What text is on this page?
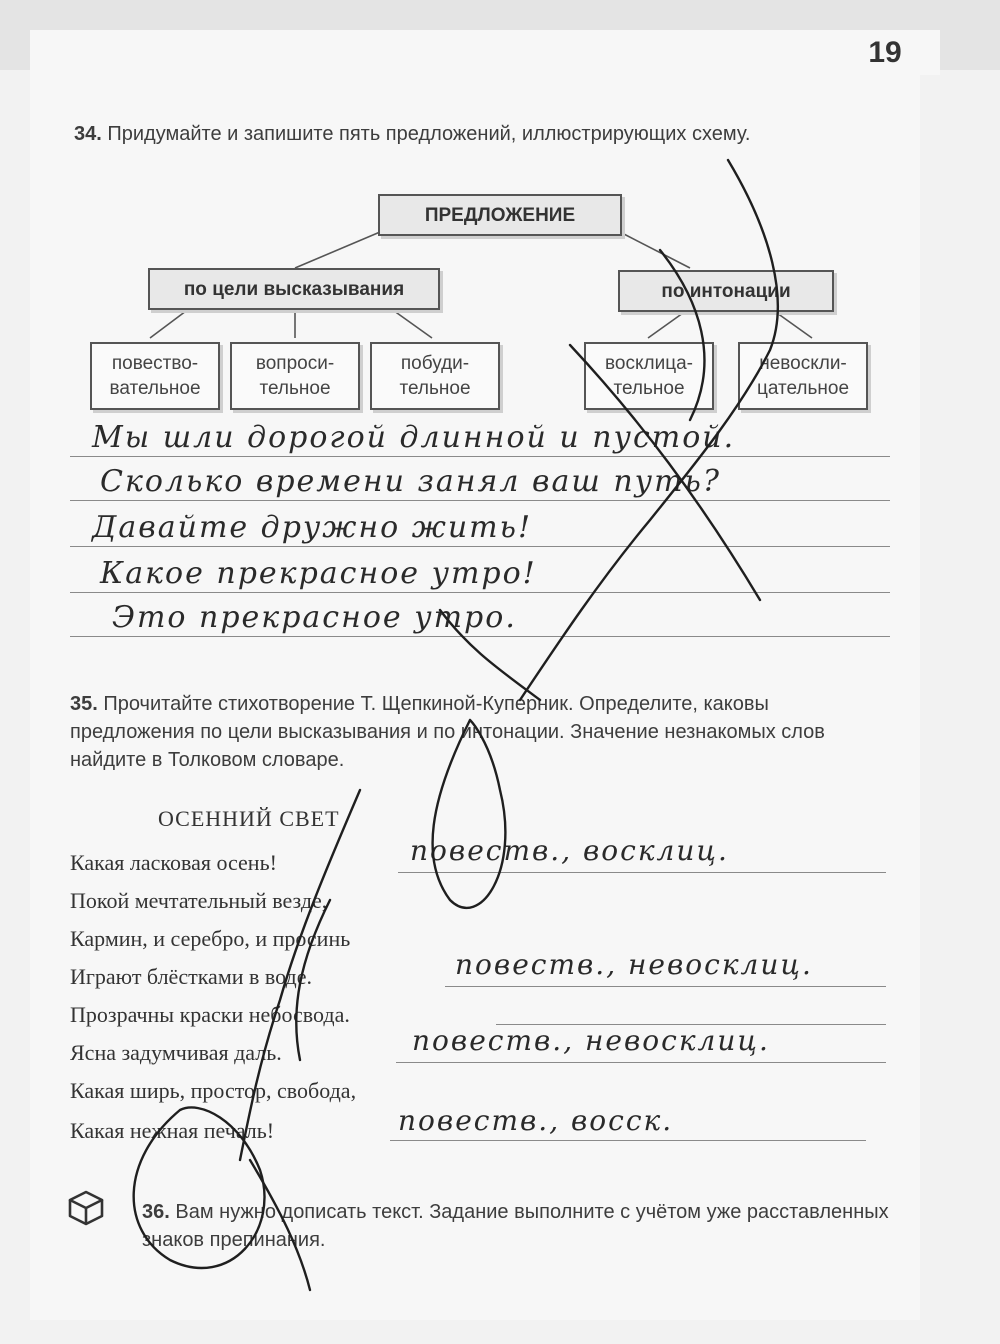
19
34. Придумайте и запишите пять предложений, иллюстрирующих схему.
ПРЕДЛОЖЕНИЕ
по цели высказывания	по интонации
повество-
вательное
вопроси-
тельное
побуди-
тельное
восклица-
тельное
невоскли-
цательное
Мы шли дорогой длинной и пустой.
Сколько времени занял ваш путь?
Давайте дружно жить!
Какое прекрасное утро!
Это прекрасное утро.
35. Прочитайте стихотворение Т. Щепкиной-Куперник. Определите, каковы предложения по цели высказывания и по интонации. Значение незнакомых слов найдите в Толковом словаре.
ОСЕННИЙ СВЕТ
Какая ласковая осень!
Покой мечтательный везде,
Кармин, и серебро, и просинь
Играют блёстками в воде.
Прозрачны краски небосвода.
Ясна задумчивая даль.
Какая ширь, простор, свобода,
Какая нежная печаль!
повеств., восклиц.
повеств., невосклиц.
повеств., невосклиц.
повеств., восск.
36. Вам нужно дописать текст. Задание выполните с учётом уже расставленных знаков препинания.
